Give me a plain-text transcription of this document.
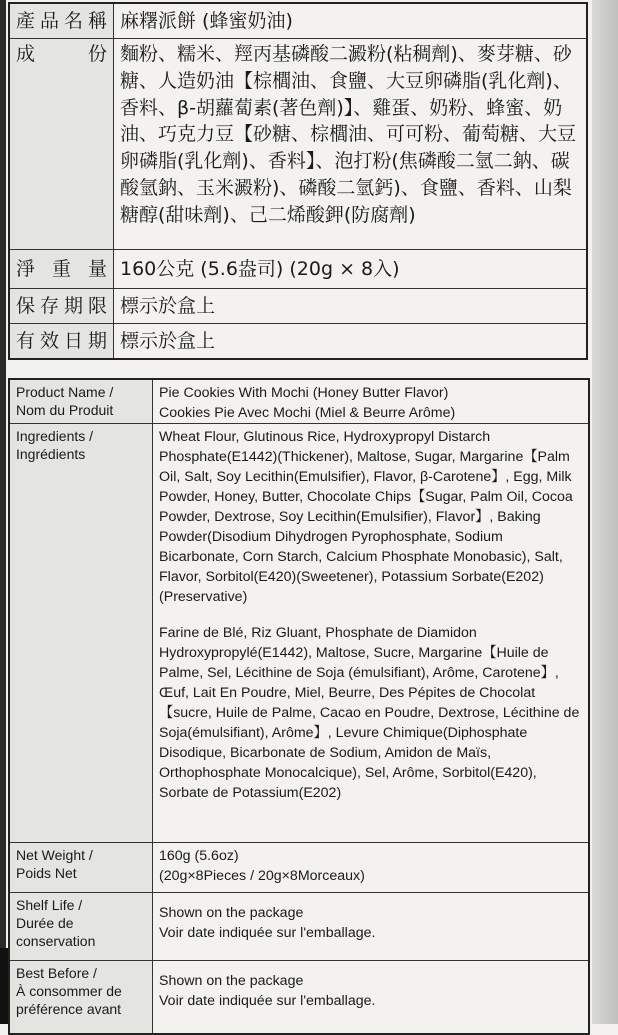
產品名稱	麻糬派餅 (蜂蜜奶油)
成份	麵粉、糯米、羥丙基磷酸二澱粉(粘稠劑)、麥芽糖、砂糖、人造奶油【棕櫚油、食鹽、大豆卵磷脂(乳化劑)、香料、β-胡蘿蔔素(著色劑)】、雞蛋、奶粉、蜂蜜、奶油、巧克力豆【砂糖、棕櫚油、可可粉、葡萄糖、大豆卵磷脂(乳化劑)、香料】、泡打粉(焦磷酸二氫二鈉、碳酸氫鈉、玉米澱粉)、磷酸二氫鈣)、食鹽、香料、山梨糖醇(甜味劑)、己二烯酸鉀(防腐劑)
淨重量	160公克 (5.6盎司) (20g × 8入)
保存期限	標示於盒上
有效日期	標示於盒上
Product Name /
Nom du Produit	Pie Cookies With Mochi (Honey Butter Flavor)
Cookies Pie Avec Mochi (Miel & Beurre Arôme)

Ingredients /
Ingrédients	Wheat Flour, Glutinous Rice, Hydroxypropyl Distarch Phosphate(E1442)(Thickener), Maltose, Sugar, Margarine【Palm Oil, Salt, Soy Lecithin(Emulsifier), Flavor, β-Carotene】, Egg, Milk Powder, Honey, Butter, Chocolate Chips【Sugar, Palm Oil, Cocoa Powder, Dextrose, Soy Lecithin(Emulsifier), Flavor】, Baking Powder(Disodium Dihydrogen Pyrophosphate, Sodium Bicarbonate, Corn Starch, Calcium Phosphate Monobasic), Salt, Flavor, Sorbitol(E420)(Sweetener), Potassium Sorbate(E202)(Preservative)
Farine de Blé, Riz Gluant, Phosphate de Diamidon Hydroxypropylé(E1442), Maltose, Sucre, Margarine【Huile de Palme, Sel, Lécithine de Soja (émulsifiant), Arôme, Carotene】, Œuf, Lait En Poudre, Miel, Beurre, Des Pépites de Chocolat【sucre, Huile de Palme, Cacao en Poudre, Dextrose, Lécithine de Soja(émulsifiant), Arôme】, Levure Chimique(Diphosphate Disodique, Bicarbonate de Sodium, Amidon de Maïs, Orthophosphate Monocalcique), Sel, Arôme, Sorbitol(E420), Sorbate de Potassium(E202)

Net Weight /
Poids Net	160g (5.6oz)
(20g×8Pieces / 20g×8Morceaux)

Shelf Life /
Durée de conservation	Shown on the package
Voir date indiquée sur l'emballage.

Best Before /
À consommer de préférence avant	Shown on the package
Voir date indiquée sur l'emballage.
